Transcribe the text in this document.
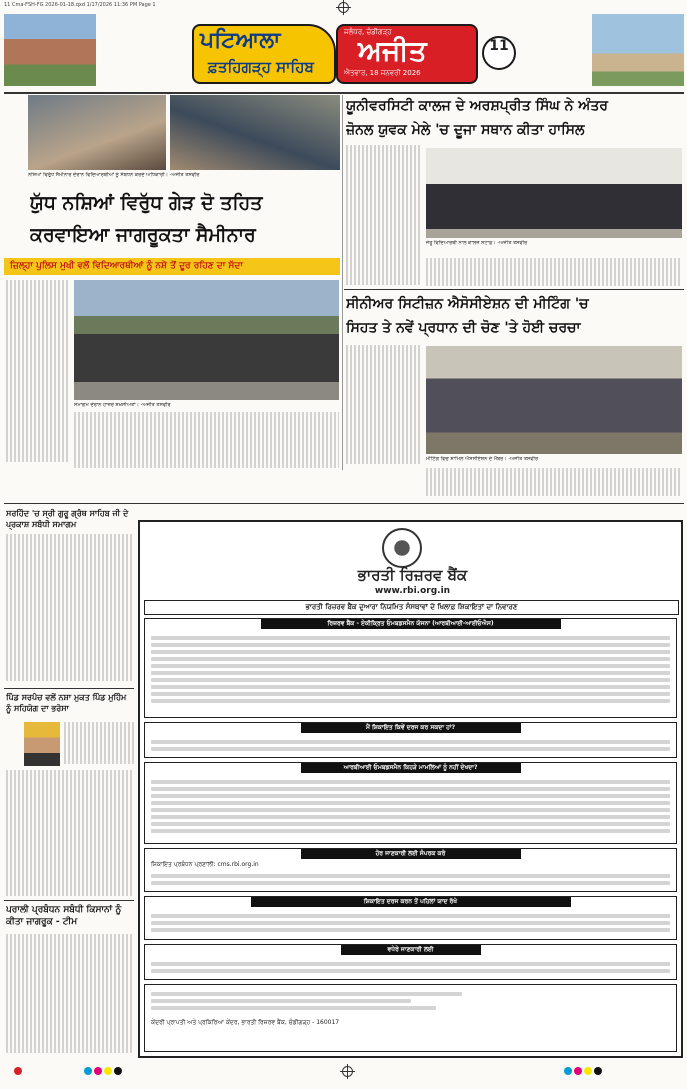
11 Cma-FSH-FG 2026-01-18.qxd 1/17/2026 11:36 PM Page 1
ਪਟਿਆਲਾ
ਫ਼ਤਹਿਗੜ੍ਹ ਸਾਹਿਬ
ਜਲੰਧਰ, ਚੰਡੀਗੜ੍ਹ
ਅਜੀਤ
ਐਤਵਾਰ, 18 ਜਨਵਰੀ 2026
11
ਨਸ਼ਿਆਂ ਵਿਰੁੱਧ ਸੈਮੀਨਾਰ ਦੌਰਾਨ ਵਿਦਿਆਰਥੀਆਂ ਨੂੰ ਸੰਬੋਧਨ ਕਰਦੇ ਅਧਿਕਾਰੀ। -ਅਜੀਤ ਤਸਵੀਰ
ਯੁੱਧ ਨਸ਼ਿਆਂ ਵਿਰੁੱਧ ਗੇੜ ਦੋ ਤਹਿਤ
ਕਰਵਾਇਆ ਜਾਗਰੂਕਤਾ ਸੈਮੀਨਾਰ
ਜ਼ਿਲ੍ਹਾ ਪੁਲਿਸ ਮੁਖੀ ਵਲੋਂ ਵਿਦਿਆਰਥੀਆਂ ਨੂੰ ਨਸ਼ੇ ਤੋਂ ਦੂਰ ਰਹਿਣ ਦਾ ਸੱਦਾ
ਸਮਾਗਮ ਦੌਰਾਨ ਹਾਜ਼ਰ ਸ਼ਖ਼ਸੀਅਤਾਂ। -ਅਜੀਤ ਤਸਵੀਰ
ਯੂਨੀਵਰਸਿਟੀ ਕਾਲਜ ਦੇ ਅਰਸ਼ਪ੍ਰੀਤ ਸਿੰਘ ਨੇ ਅੰਤਰ
ਜ਼ੋਨਲ ਯੁਵਕ ਮੇਲੇ 'ਚ ਦੂਜਾ ਸਥਾਨ ਕੀਤਾ ਹਾਸਿਲ
ਜੇਤੂ ਵਿਦਿਆਰਥੀ ਨਾਲ ਕਾਲਜ ਸਟਾਫ਼। -ਅਜੀਤ ਤਸਵੀਰ
ਸੀਨੀਅਰ ਸਿਟੀਜ਼ਨ ਐਸੋਸੀਏਸ਼ਨ ਦੀ ਮੀਟਿੰਗ 'ਚ
ਸਿਹਤ ਤੇ ਨਵੇਂ ਪ੍ਰਧਾਨ ਦੀ ਚੋਣ 'ਤੇ ਹੋਈ ਚਰਚਾ
ਮੀਟਿੰਗ ਵਿਚ ਸ਼ਾਮਿਲ ਐਸੋਸੀਏਸ਼ਨ ਦੇ ਮੈਂਬਰ। -ਅਜੀਤ ਤਸਵੀਰ
ਸਰਹਿੰਦ 'ਚ ਸ੍ਰੀ ਗੁਰੂ ਗ੍ਰੰਥ ਸਾਹਿਬ ਜੀ ਦੇ ਪ੍ਰਕਾਸ਼ ਸਬੰਧੀ ਸਮਾਗਮ
ਪਿੰਡ ਸਰਪੰਚ ਵਲੋਂ ਨਸ਼ਾ ਮੁਕਤ ਪਿੰਡ ਮੁਹਿੰਮ ਨੂੰ ਸਹਿਯੋਗ ਦਾ ਭਰੋਸਾ
ਪਰਾਲੀ ਪ੍ਰਬੰਧਨ ਸਬੰਧੀ ਕਿਸਾਨਾਂ ਨੂੰ ਕੀਤਾ ਜਾਗਰੂਕ - ਟੀਮ
ਭਾਰਤੀ ਰਿਜ਼ਰਵ ਬੈਂਕ
www.rbi.org.in
ਭਾਰਤੀ ਰਿਜ਼ਰਵ ਬੈਂਕ ਦੁਆਰਾ ਨਿਯਮਿਤ ਸੰਸਥਾਵਾਂ ਦੇ ਖਿਲਾਫ਼ ਸ਼ਿਕਾਇਤਾਂ ਦਾ ਨਿਵਾਰਣ
ਰਿਜ਼ਰਵ ਬੈਂਕ - ਏਕੀਕ੍ਰਿਤ ਓਮਬਡਸਮੈਨ ਯੋਜਨਾ (ਆਰਬੀਆਈ-ਆਈਓਐਸ)
ਮੈਂ ਸ਼ਿਕਾਇਤ ਕਿਵੇਂ ਦਰਜ ਕਰ ਸਕਦਾ ਹਾਂ?
ਆਰਬੀਆਈ ਓਮਬਡਸਮੈਨ ਕਿਹੜੇ ਮਾਮਲਿਆਂ ਨੂੰ ਨਹੀਂ ਦੇਖਦਾ?
ਹੋਰ ਜਾਣਕਾਰੀ ਲਈ ਸੰਪਰਕ ਕਰੋ
ਸ਼ਿਕਾਇਤ ਪ੍ਰਬੰਧਨ ਪ੍ਰਣਾਲੀ: cms.rbi.org.in
ਸ਼ਿਕਾਇਤ ਦਰਜ ਕਰਨ ਤੋਂ ਪਹਿਲਾਂ ਯਾਦ ਰੱਖੋ
ਵਧੇਰੇ ਜਾਣਕਾਰੀ ਲਈ
ਕੇਂਦਰੀ ਪ੍ਰਾਪਤੀ ਅਤੇ ਪ੍ਰਕਿਰਿਆ ਕੇਂਦਰ, ਭਾਰਤੀ ਰਿਜ਼ਰਵ ਬੈਂਕ, ਚੰਡੀਗੜ੍ਹ - 160017
